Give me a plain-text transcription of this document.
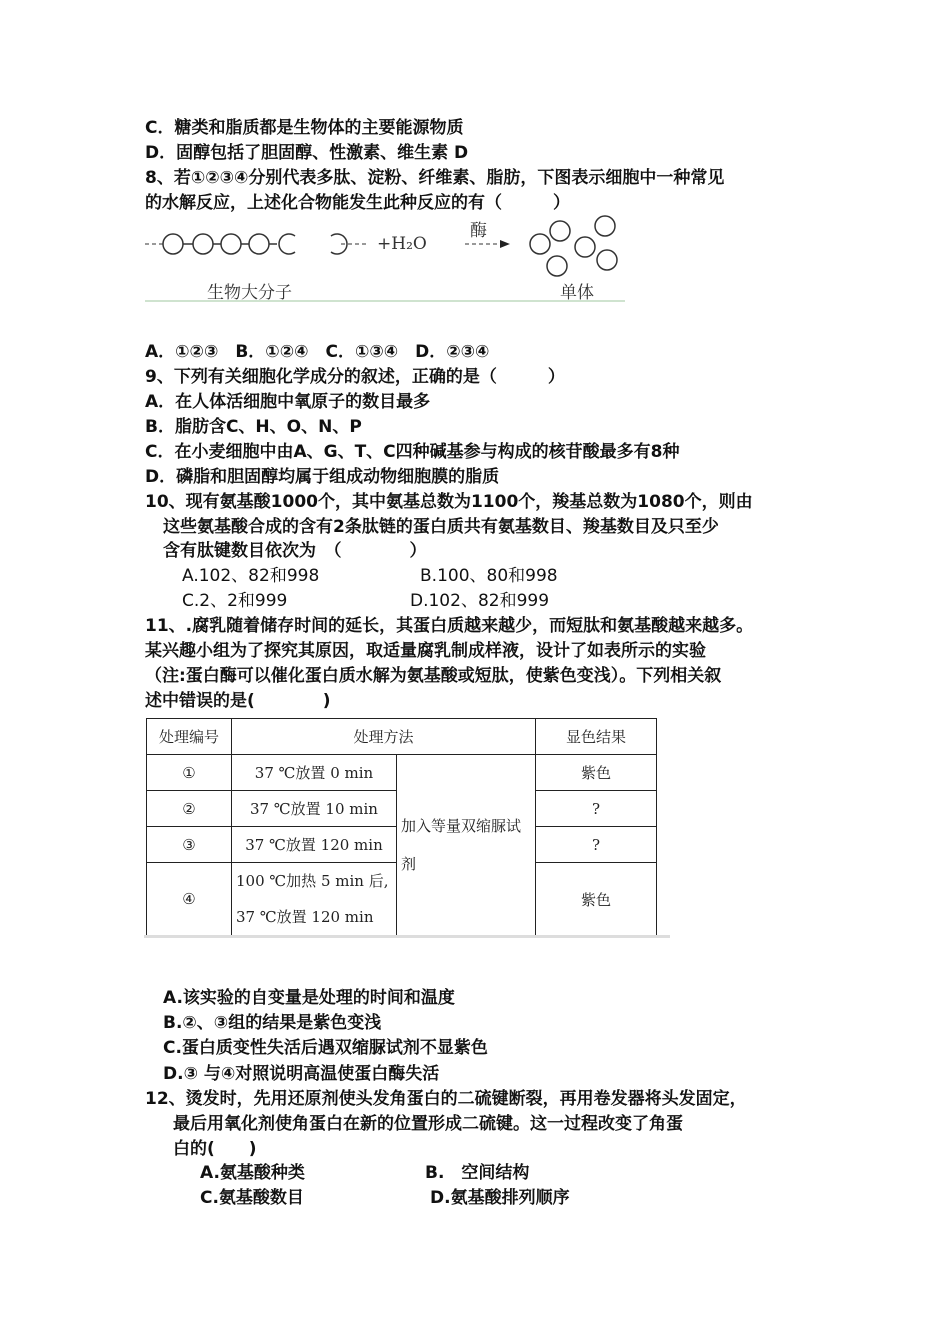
C．糖类和脂质都是生物体的主要能源物质
D．固醇包括了胆固醇、性激素、维生素 D
8、若①②③④分别代表多肽、淀粉、纤维素、脂肪，下图表示细胞中一种常见
的水解反应，上述化合物能发生此种反应的有（　　　）
+H₂O
酶
生物大分子	单体
A．①②③　B．①②④　C．①③④　D．②③④
9、下列有关细胞化学成分的叙述，正确的是（　　　）
A．在人体活细胞中氧原子的数目最多
B．脂肪含C、H、O、N、P
C．在小麦细胞中由A、G、T、C四种碱基参与构成的核苷酸最多有8种
D．磷脂和胆固醇均属于组成动物细胞膜的脂质
10、现有氨基酸1000个，其中氨基总数为1100个，羧基总数为1080个，则由
这些氨基酸合成的含有2条肽链的蛋白质共有氨基数目、羧基数目及只至少
含有肽键数目依次为　（　　　　）
A.102、82和998	B.100、80和998
C.2、2和999	D.102、82和999
11、.腐乳随着储存时间的延长，其蛋白质越来越少，而短肽和氨基酸越来越多。
某兴趣小组为了探究其原因，取适量腐乳制成样液，设计了如表所示的实验
（注:蛋白酶可以催化蛋白质水解为氨基酸或短肽，使紫色变浅）。下列相关叙
述中错误的是(　　　　)
处理编号	处理方法		显色结果
①	37 ℃放置 0 min	加入等量双缩脲试剂	紫色
②	37 ℃放置 10 min		?
③	37 ℃放置 120 min		?
④	100 ℃加热 5 min 后,
37 ℃放置 120 min		紫色
A.该实验的自变量是处理的时间和温度
B.②、③组的结果是紫色变浅
C.蛋白质变性失活后遇双缩脲试剂不显紫色
D.③ 与④对照说明高温使蛋白酶失活
12、烫发时，先用还原剂使头发角蛋白的二硫键断裂，再用卷发器将头发固定，
最后用氧化剂使角蛋白在新的位置形成二硫键。这一过程改变了角蛋
白的(　　)
A.氨基酸种类	B.　空间结构
C.氨基酸数目	D.氨基酸排列顺序
